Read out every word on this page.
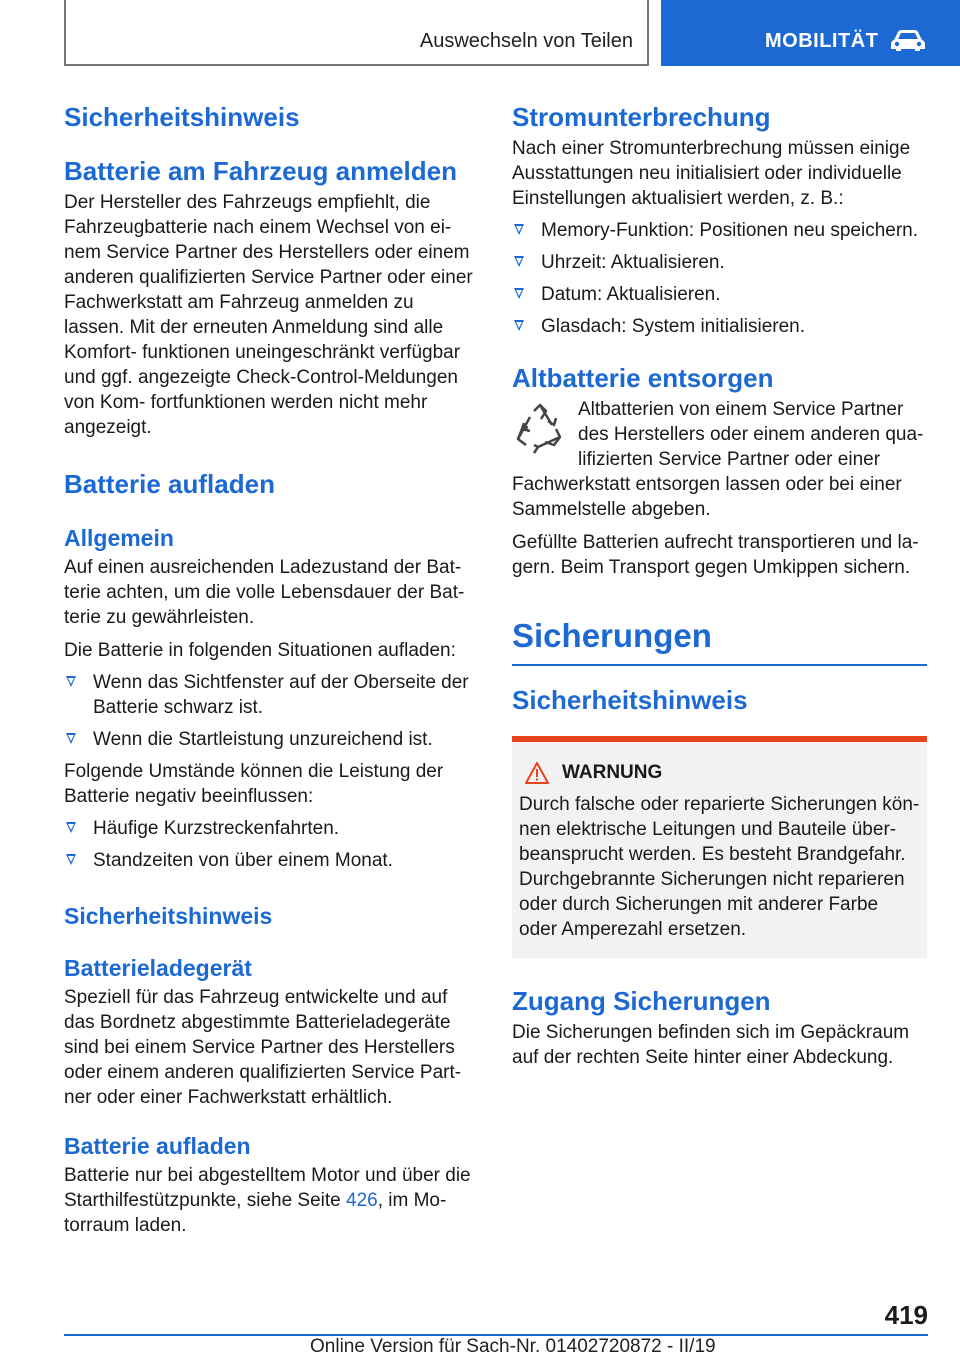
Auswechseln von Teilen	MOBILITÄT
Sicherheitshinweis
Batterie am Fahrzeug anmelden

Der Hersteller des Fahrzeugs empfiehlt, die Fahrzeugbatterie nach einem Wechsel von ei‐ nem Service Partner des Herstellers oder einem anderen qualifizierten Service Partner oder einer Fachwerkstatt am Fahrzeug anmelden zu lassen. Mit der erneuten Anmeldung sind alle Komfort‐ funktionen uneingeschränkt verfügbar und ggf. angezeigte Check-Control-Meldungen von Kom‐ fortfunktionen werden nicht mehr angezeigt.

Batterie aufladen
Allgemein

Auf einen ausreichenden Ladezustand der Bat‐ terie achten, um die volle Lebensdauer der Bat‐ terie zu gewährleisten.

Die Batterie in folgenden Situationen aufladen:

Wenn das Sichtfenster auf der Oberseite der Batterie schwarz ist.
Wenn die Startleistung unzureichend ist.

Folgende Umstände können die Leistung der Batterie negativ beeinflussen:

Häufige Kurzstreckenfahrten.
Standzeiten von über einem Monat.
Sicherheitshinweis
Batterieladegerät

Speziell für das Fahrzeug entwickelte und auf das Bordnetz abgestimmte Batterieladegeräte sind bei einem Service Partner des Herstellers oder einem anderen qualifizierten Service Part‐ ner oder einer Fachwerkstatt erhältlich.

Batterie aufladen

Batterie nur bei abgestelltem Motor und über die Starthilfestützpunkte, siehe Seite 426, im Mo‐ torraum laden.

Stromunterbrechung

Nach einer Stromunterbrechung müssen einige Ausstattungen neu initialisiert oder individuelle Einstellungen aktualisiert werden, z. B.:

Memory-Funktion: Positionen neu speichern.
Uhrzeit: Aktualisieren.
Datum: Aktualisieren.
Glasdach: System initialisieren.
Altbatterie entsorgen

Altbatterien von einem Service Partner des Herstellers oder einem anderen qua‐ lifizierten Service Partner oder einer Fachwerkstatt entsorgen lassen oder bei einer Sammelstelle abgeben.

Gefüllte Batterien aufrecht transportieren und la‐ gern. Beim Transport gegen Umkippen sichern.

Sicherungen
Sicherheitshinweis
WARNUNG

Durch falsche oder reparierte Sicherungen kön‐ nen elektrische Leitungen und Bauteile über‐ beansprucht werden. Es besteht Brandgefahr.

Durchgebrannte Sicherungen nicht reparieren oder durch Sicherungen mit anderer Farbe oder Amperezahl ersetzen.

Zugang Sicherungen

Die Sicherungen befinden sich im Gepäckraum auf der rechten Seite hinter einer Abdeckung.

419
Online Version für Sach-Nr. 01402720872 - II/19
